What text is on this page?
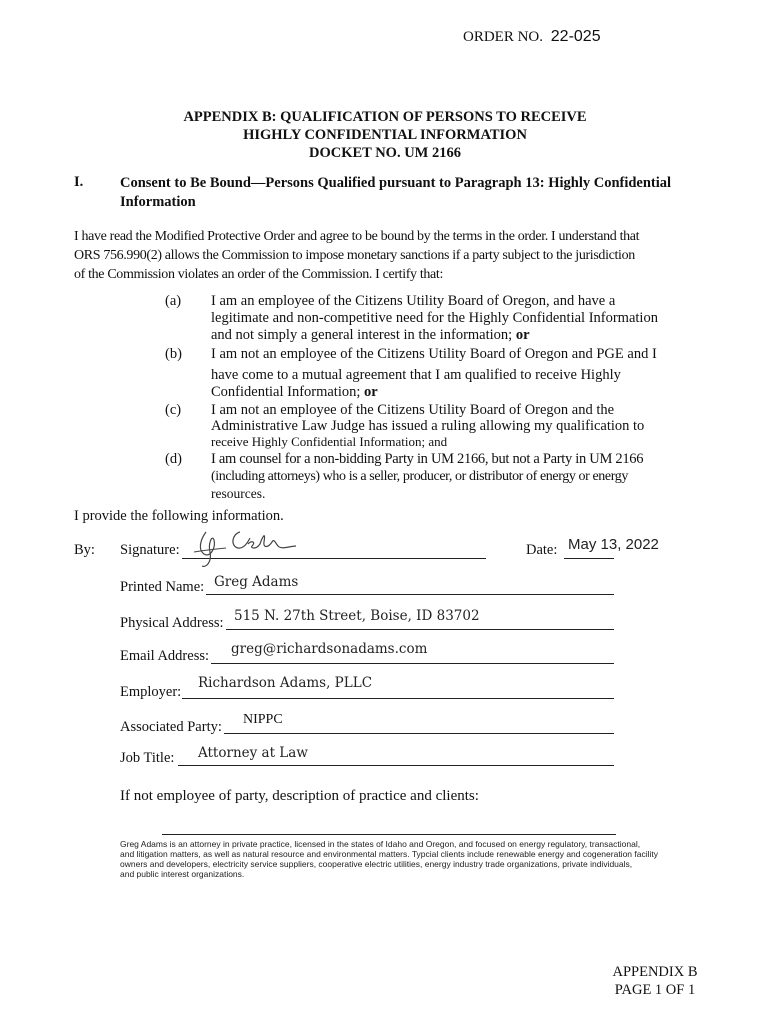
ORDER NO. 22-025
APPENDIX B: QUALIFICATION OF PERSONS TO RECEIVE
HIGHLY CONFIDENTIAL INFORMATION
DOCKET NO. UM 2166
I.	Consent to Be Bound—Persons Qualified pursuant to Paragraph 13: Highly Confidential
Information
I have read the Modified Protective Order and agree to be bound by the terms in the order. I understand that
ORS 756.990(2) allows the Commission to impose monetary sanctions if a party subject to the jurisdiction
of the Commission violates an order of the Commission. I certify that:
(a) I am an employee of the Citizens Utility Board of Oregon, and have a
legitimate and non-competitive need for the Highly Confidential Information
and not simply a general interest in the information; or
(b) I am not an employee of the Citizens Utility Board of Oregon and PGE and I
have come to a mutual agreement that I am qualified to receive Highly
Confidential Information; or
(c) I am not an employee of the Citizens Utility Board of Oregon and the
Administrative Law Judge has issued a ruling allowing my qualification to
receive Highly Confidential Information; and
(d) I am counsel for a non-bidding Party in UM 2166, but not a Party in UM 2166
(including attorneys) who is a seller, producer, or distributor of energy or energy
resources.
I provide the following information.
By: Signature:	Date: May 13, 2022
Printed Name: Greg Adams
Physical Address: 515 N. 27th Street, Boise, ID 83702
Email Address: greg@richardsonadams.com
Employer:
Richardson Adams, PLLC
Associated Party: NIPPC
Job Title: Attorney at Law
If not employee of party, description of practice and clients:
Greg Adams is an attorney in private practice, licensed in the states of Idaho and Oregon, and focused on energy regulatory, transactional,
and litigation matters, as well as natural resource and environmental matters. Typcial clients include renewable energy and cogeneration facility
owners and developers, electricity service suppliers, cooperative electric utilities, energy industry trade organizations, private individuals,
and public interest organizations.
APPENDIX B
PAGE 1 OF 1
